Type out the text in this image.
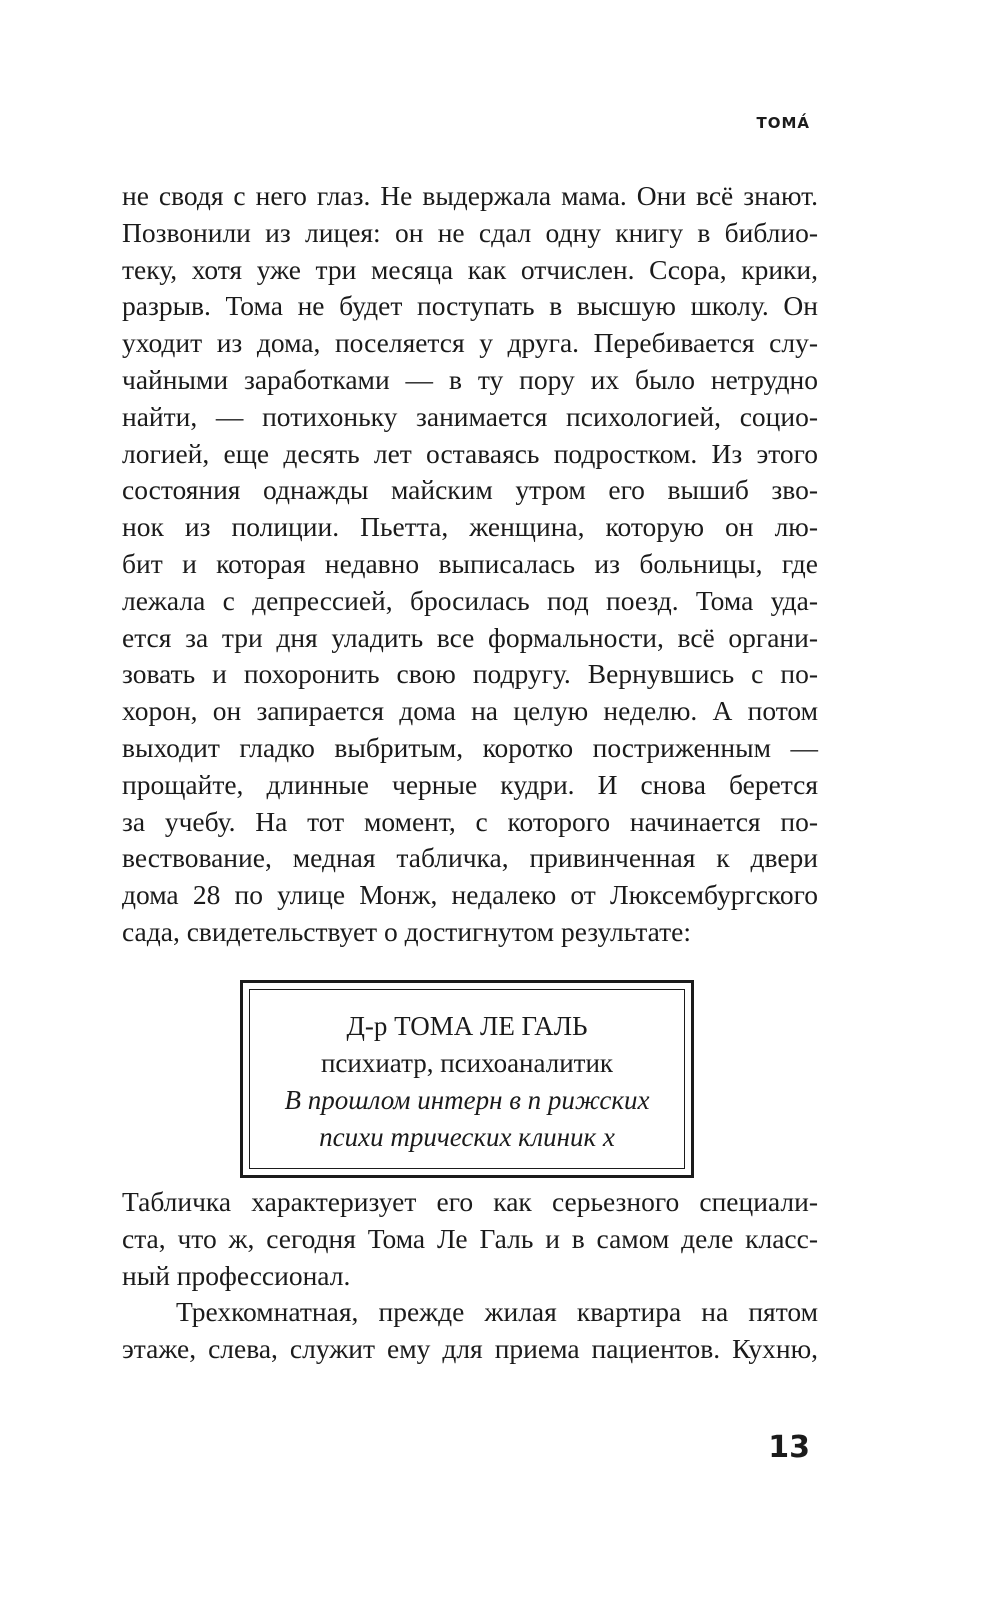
ТОМА́
не сводя с него глаз. Не выдержала мама. Они всё знают.
Позвонили из лицея: он не сдал одну книгу в библио-
теку, хотя уже три месяца как отчислен. Ссора, крики,
разрыв. Тома не будет поступать в высшую школу. Он
уходит из дома, поселяется у друга. Перебивается слу-
чайными заработками — в ту пору их было нетрудно
найти, — потихоньку занимается психологией, социо-
логией, еще десять лет оставаясь подростком. Из этого
состояния однажды майским утром его вышиб зво-
нок из полиции. Пьетта, женщина, которую он лю-
бит и которая недавно выписалась из больницы, где
лежала с депрессией, бросилась под поезд. Тома уда-
ется за три дня уладить все формальности, всё органи-
зовать и похоронить свою подругу. Вернувшись с по-
хорон, он запирается дома на целую неделю. А потом
выходит гладко выбритым, коротко постриженным —
прощайте, длинные черные кудри. И снова берется
за учебу. На тот момент, с которого начинается по-
вествование, медная табличка, привинченная к двери
дома 28 по улице Монж, недалеко от Люксембургского
сада, свидетельствует о достигнутом результате:
Д-р ТОМА ЛЕ ГАЛЬ
психиатр, психоаналитик
В прошлом интерн в п рижских
психи трических клиник х
Табличка характеризует его как серьезного специали-
ста, что ж, сегодня Тома Ле Галь и в самом деле класс-
ный профессионал.
Трехкомнатная, прежде жилая квартира на пятом
этаже, слева, служит ему для приема пациентов. Кухню,
13
